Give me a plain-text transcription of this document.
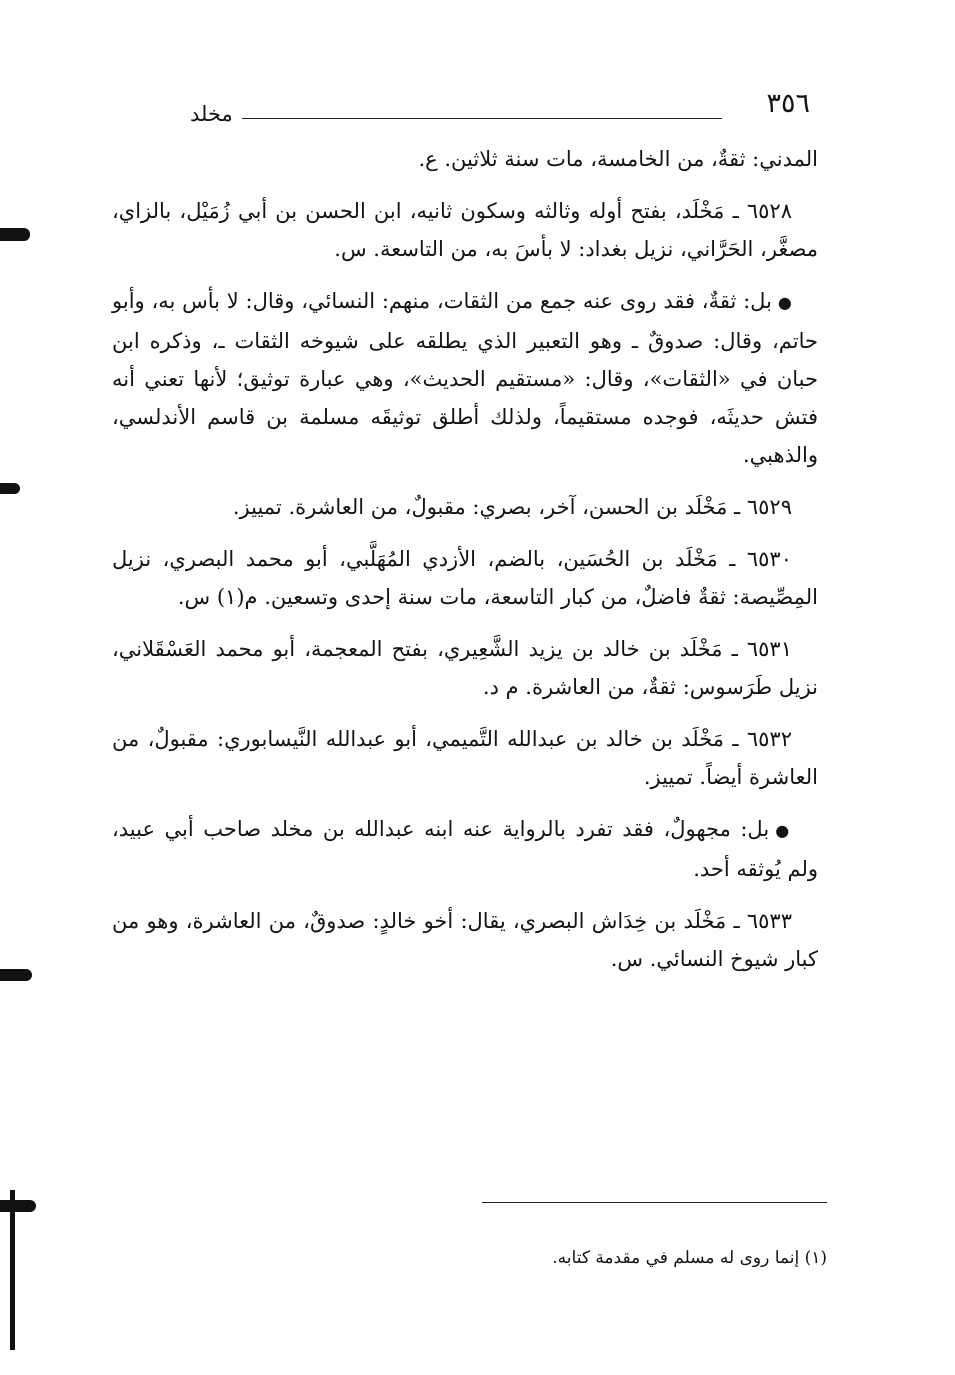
٣٥٦
مخلد

المدني: ثقةٌ، من الخامسة، مات سنة ثلاثين. ع.

٦٥٢٨ ـ مَخْلَد، بفتح أوله وثالثه وسكون ثانيه، ابن الحسن بن أبي زُمَيْل، بالزاي، مصغَّر، الحَرَّاني، نزيل بغداد: لا بأسَ به، من التاسعة. س.

●بل: ثقةٌ، فقد روى عنه جمع من الثقات، منهم: النسائي، وقال: لا بأس به، وأبو حاتم، وقال: صدوقٌ ـ وهو التعبير الذي يطلقه على شيوخه الثقات ـ، وذكره ابن حبان في «الثقات»، وقال: «مستقيم الحديث»، وهي عبارة توثيق؛ لأنها تعني أنه فتش حديثَه، فوجده مستقيماً، ولذلك أطلق توثيقَه مسلمة بن قاسم الأندلسي، والذهبي.

٦٥٢٩ ـ مَخْلَد بن الحسن، آخر، بصري: مقبولٌ، من العاشرة. تمييز.

٦٥٣٠ ـ مَخْلَد بن الحُسَين، بالضم، الأزدي المُهَلَّبي، أبو محمد البصري، نزيل المِصِّيصة: ثقةٌ فاضلٌ، من كبار التاسعة، مات سنة إحدى وتسعين. م(١) س.

٦٥٣١ ـ مَخْلَد بن خالد بن يزيد الشَّعِيري، بفتح المعجمة، أبو محمد العَسْقَلاني، نزيل طَرَسوس: ثقةٌ، من العاشرة. م د.

٦٥٣٢ ـ مَخْلَد بن خالد بن عبدالله التَّميمي، أبو عبدالله النَّيسابوري: مقبولٌ، من العاشرة أيضاً. تمييز.

●بل: مجهولٌ، فقد تفرد بالرواية عنه ابنه عبدالله بن مخلد صاحب أبي عبيد، ولم يُوثقه أحد.

٦٥٣٣ ـ مَخْلَد بن خِدَاش البصري، يقال: أخو خالدٍ: صدوقٌ، من العاشرة، وهو من كبار شيوخ النسائي. س.

(١) إنما روى له مسلم في مقدمة كتابه.
